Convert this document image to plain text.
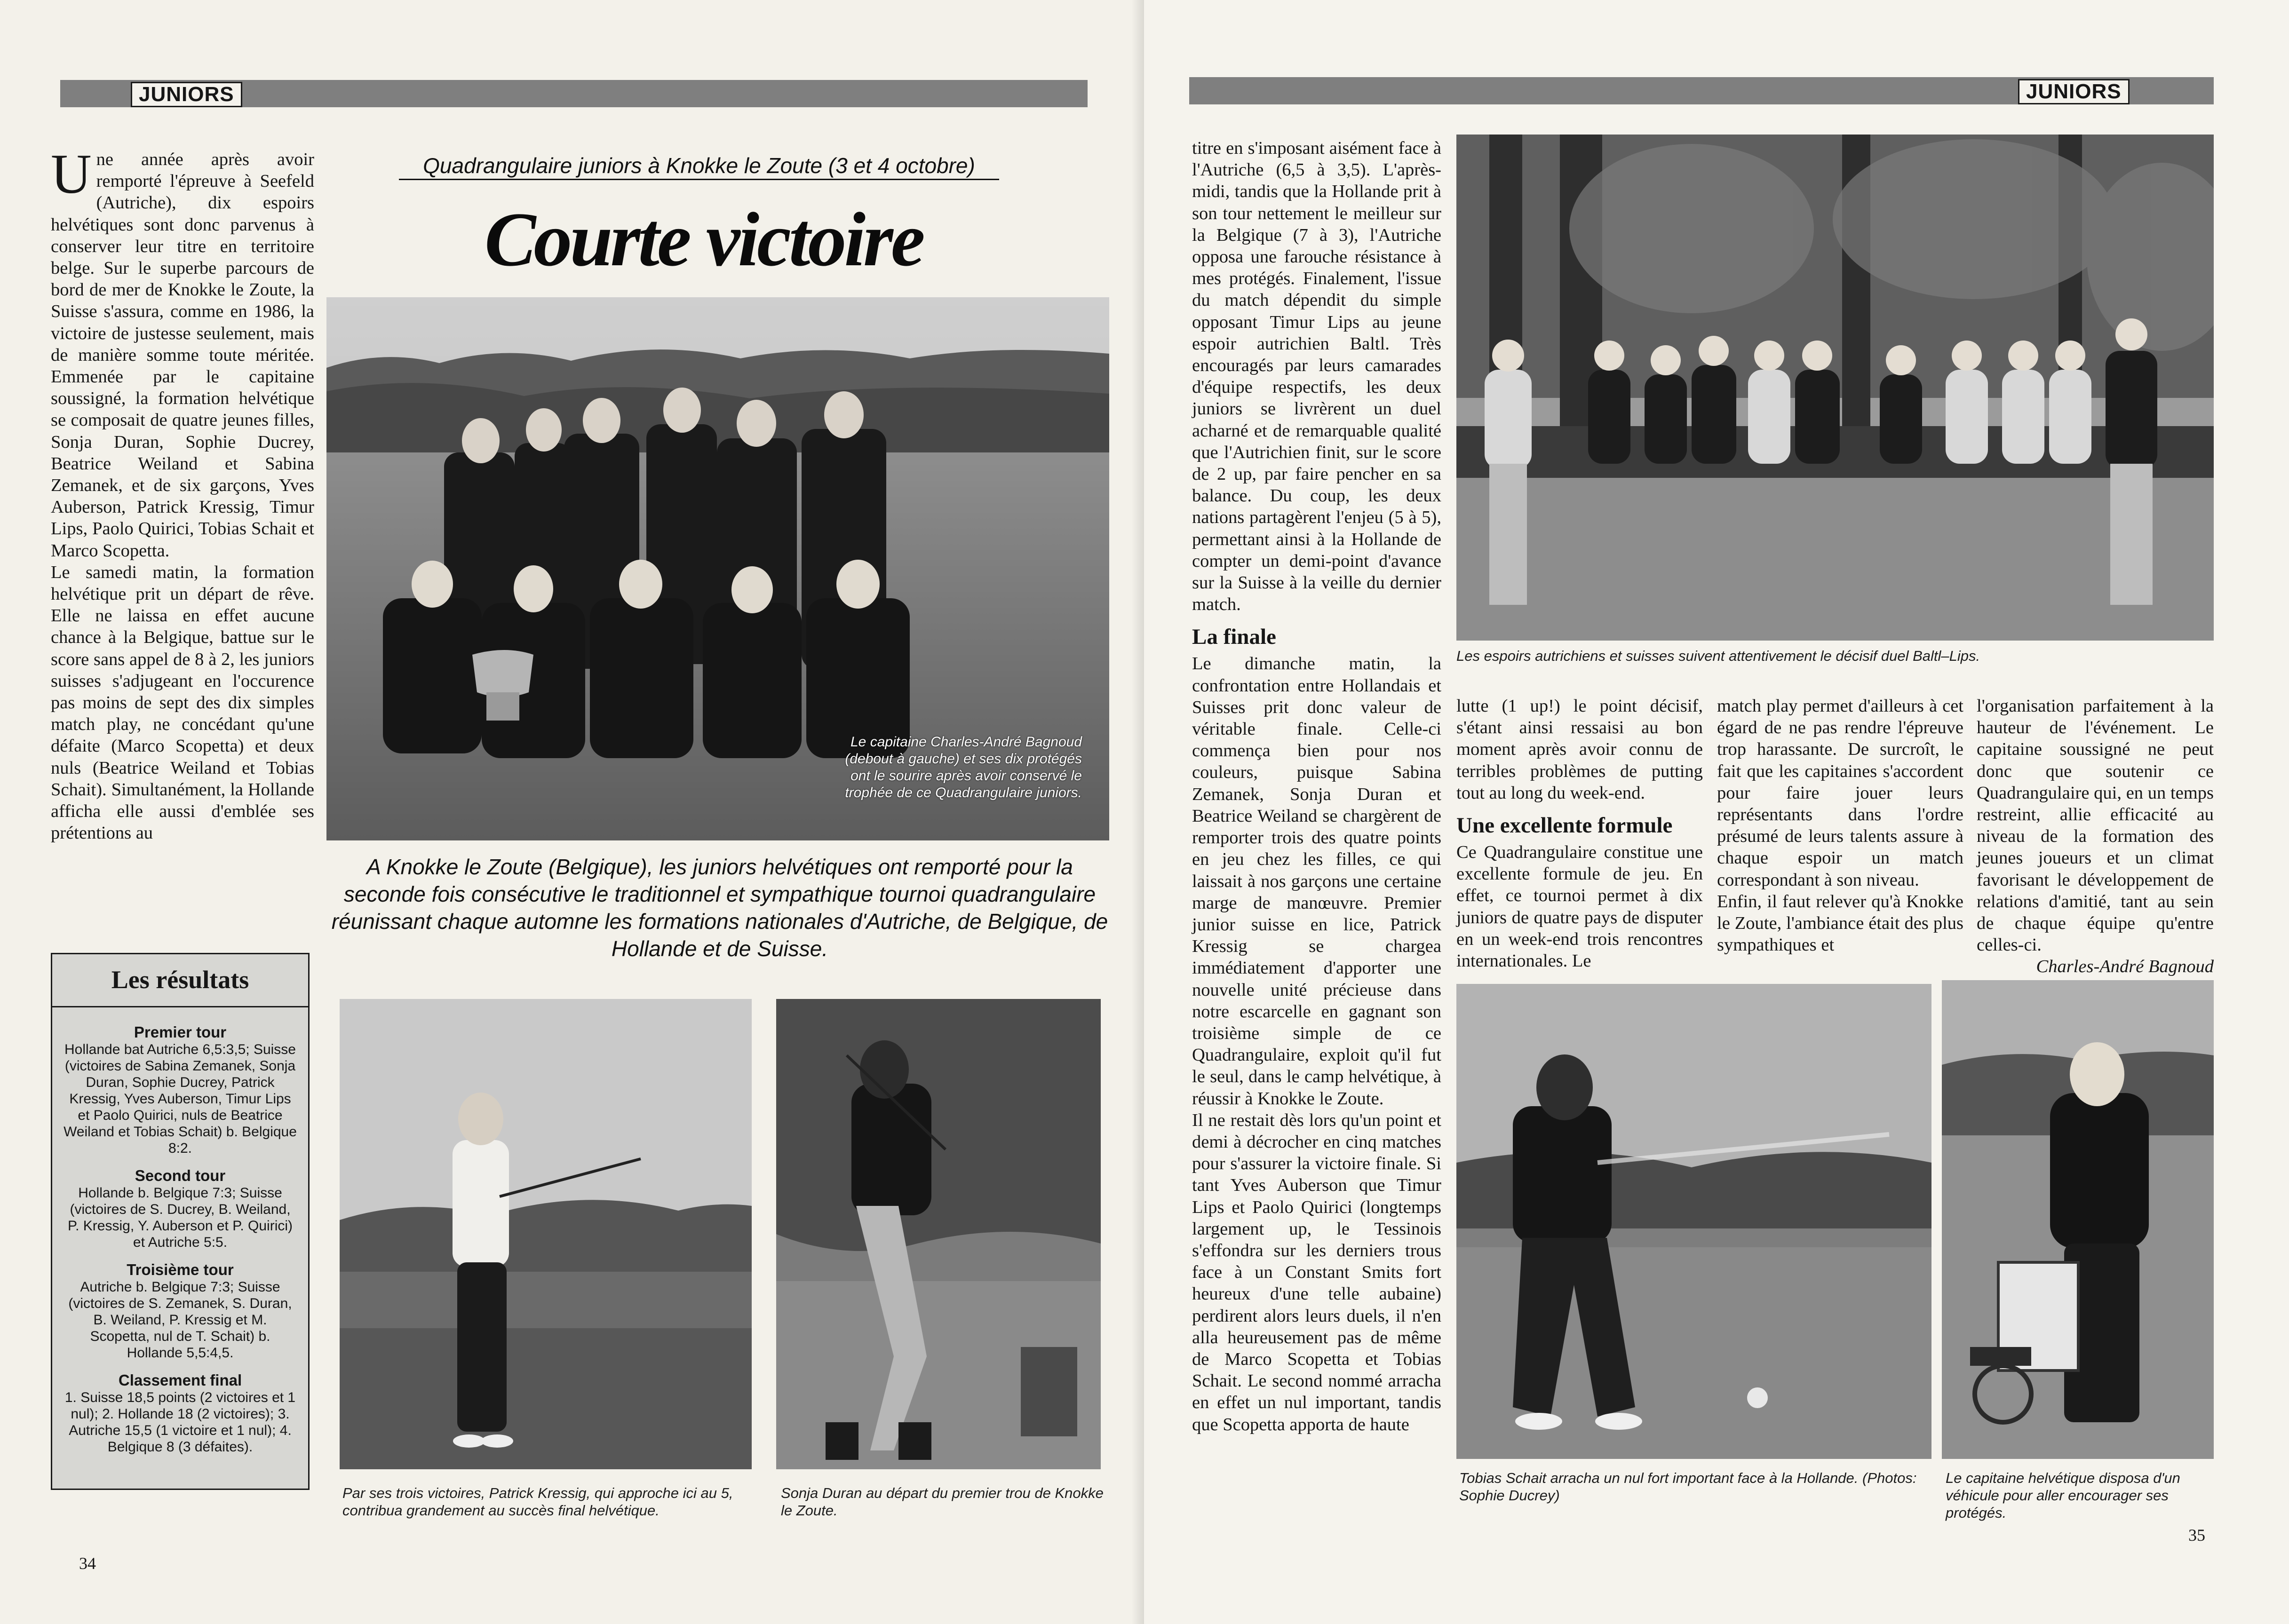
JUNIORS

Une année après avoir remporté l'épreuve à Seefeld (Autriche), dix espoirs helvétiques sont donc parvenus à conserver leur titre en territoire belge. Sur le superbe parcours de bord de mer de Knokke le Zoute, la Suisse s'assura, comme en 1986, la victoire de justesse seulement, mais de manière somme toute méritée. Emmenée par le capitaine soussigné, la formation helvétique se composait de quatre jeunes filles, Sonja Duran, Sophie Ducrey, Beatrice Weiland et Sabina Zemanek, et de six garçons, Yves Auberson, Patrick Kressig, Timur Lips, Paolo Quirici, Tobias Schait et Marco Scopetta.

Le samedi matin, la formation helvétique prit un départ de rêve. Elle ne laissa en effet aucune chance à la Belgique, battue sur le score sans appel de 8 à 2, les juniors suisses s'adjugeant en l'occurence pas moins de sept des dix simples match play, ne concédant qu'une défaite (Marco Scopetta) et deux nuls (Beatrice Weiland et Tobias Schait). Simultanément, la Hollande afficha elle aussi d'emblée ses prétentions au

Quadrangulaire juniors à Knokke le Zoute (3 et 4 octobre)
Courte victoire
Le capitaine Charles-André Bagnoud (debout à gauche) et ses dix protégés ont le sourire après avoir conservé le trophée de ce Quadrangulaire juniors.
A Knokke le Zoute (Belgique), les juniors helvétiques ont remporté pour la seconde fois consécutive le traditionnel et sympathique tournoi quadrangulaire réunissant chaque automne les formations nationales d'Autriche, de Belgique, de Hollande et de Suisse.
Les résultats
Premier tour
Hollande bat Autriche 6,5:3,5; Suisse (victoires de Sabina Zemanek, Sonja Duran, Sophie Ducrey, Patrick Kressig, Yves Auberson, Timur Lips et Paolo Quirici, nuls de Beatrice Weiland et Tobias Schait) b. Belgique 8:2.
Second tour
Hollande b. Belgique 7:3; Suisse (victoires de S. Ducrey, B. Weiland, P. Kressig, Y. Auberson et P. Quirici) et Autriche 5:5.
Troisième tour
Autriche b. Belgique 7:3; Suisse (victoires de S. Zemanek, S. Duran, B. Weiland, P. Kressig et M. Scopetta, nul de T. Schait) b. Hollande 5,5:4,5.
Classement final
1. Suisse 18,5 points (2 victoires et 1 nul); 2. Hollande 18 (2 victoires); 3. Autriche 15,5 (1 victoire et 1 nul); 4. Belgique 8 (3 défaites).
Par ses trois victoires, Patrick Kressig, qui approche ici au 5, contribua grandement au succès final helvétique.
Sonja Duran au départ du premier trou de Knokke le Zoute.
34
JUNIORS

titre en s'imposant aisément face à l'Autriche (6,5 à 3,5). L'après-midi, tandis que la Hollande prit à son tour nettement le meilleur sur la Belgique (7 à 3), l'Autriche opposa une farouche résistance à mes protégés. Finalement, l'issue du match dépendit du simple opposant Timur Lips au jeune espoir autrichien Baltl. Très encouragés par leurs camarades d'équipe respectifs, les deux juniors se livrèrent un duel acharné et de remarquable qualité que l'Autrichien finit, sur le score de 2 up, par faire pencher en sa balance. Du coup, les deux nations partagèrent l'enjeu (5 à 5), permettant ainsi à la Hollande de compter un demi-point d'avance sur la Suisse à la veille du dernier match.

La finale

Le dimanche matin, la confrontation entre Hollandais et Suisses prit donc valeur de véritable finale. Celle-ci commença bien pour nos couleurs, puisque Sabina Zemanek, Sonja Duran et Beatrice Weiland se chargèrent de remporter trois des quatre points en jeu chez les filles, ce qui laissait à nos garçons une certaine marge de manœuvre. Premier junior suisse en lice, Patrick Kressig se chargea immédiatement d'apporter une nouvelle unité précieuse dans notre escarcelle en gagnant son troisième simple de ce Quadrangulaire, exploit qu'il fut le seul, dans le camp helvétique, à réussir à Knokke le Zoute.

Il ne restait dès lors qu'un point et demi à décrocher en cinq matches pour s'assurer la victoire finale. Si tant Yves Auberson que Timur Lips et Paolo Quirici (longtemps largement up, le Tessinois s'effondra sur les derniers trous face à un Constant Smits fort heureux d'une telle aubaine) perdirent alors leurs duels, il n'en alla heureusement pas de même de Marco Scopetta et Tobias Schait. Le second nommé arracha en effet un nul important, tandis que Scopetta apporta de haute

Les espoirs autrichiens et suisses suivent attentivement le décisif duel Baltl–Lips.

lutte (1 up!) le point décisif, s'étant ainsi ressaisi au bon moment après avoir connu de terribles problèmes de putting tout au long du week-end.

Une excellente formule

Ce Quadrangulaire constitue une excellente formule de jeu. En effet, ce tournoi permet à dix juniors de quatre pays de disputer en un week-end trois rencontres internationales. Le

match play permet d'ailleurs à cet égard de ne pas rendre l'épreuve trop harassante. De surcroît, le fait que les capitaines s'accordent pour faire jouer leurs représentants dans l'ordre présumé de leurs talents assure à chaque espoir un match correspondant à son niveau.

Enfin, il faut relever qu'à Knokke le Zoute, l'ambiance était des plus sympathiques et

l'organisation parfaitement à la hauteur de l'événement. Le capitaine soussigné ne peut donc que soutenir ce Quadrangulaire qui, en un temps restreint, allie efficacité au niveau de la formation des jeunes joueurs et un climat favorisant le développement de relations d'amitié, tant au sein de chaque équipe qu'entre celles-ci.

Charles-André Bagnoud

Tobias Schait arracha un nul fort important face à la Hollande. (Photos: Sophie Ducrey)
Le capitaine helvétique disposa d'un véhicule pour aller encourager ses protégés.
35
